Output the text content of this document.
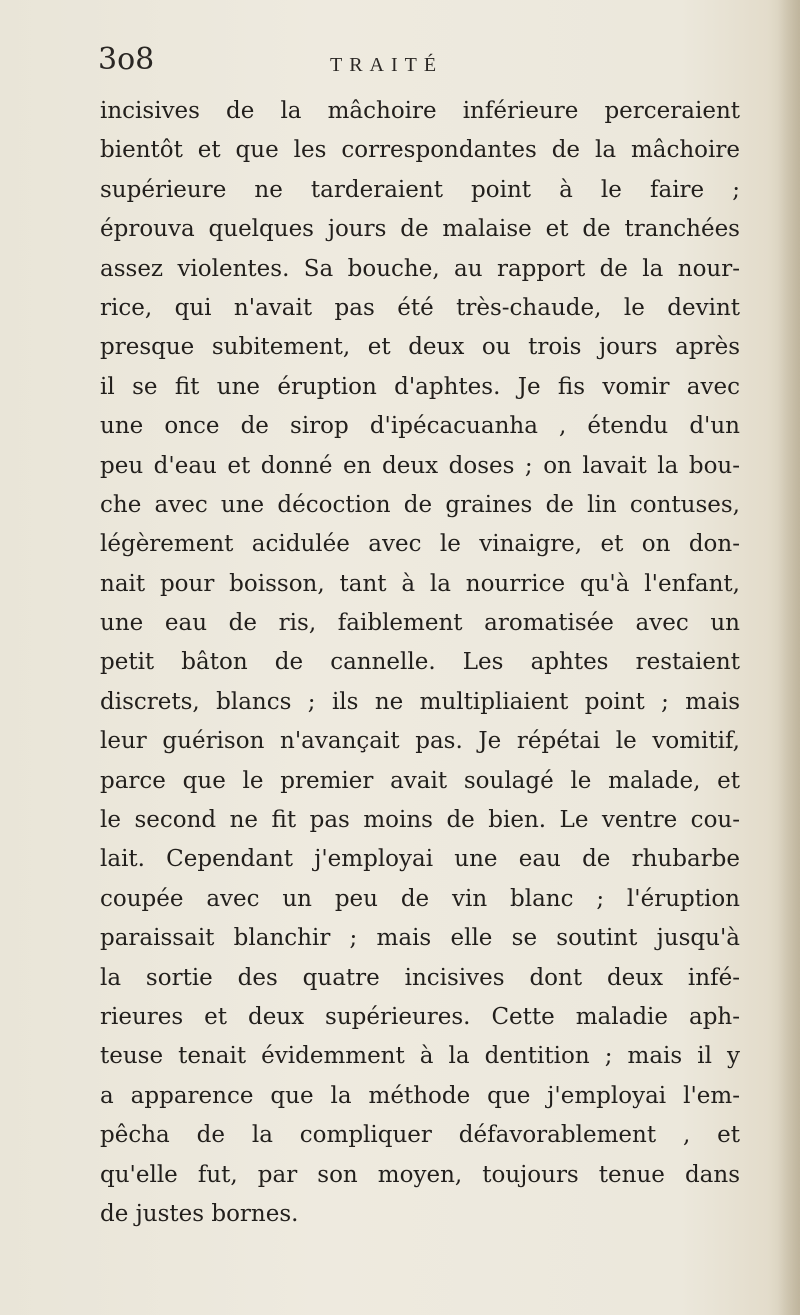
3o8	TRAITÉ
incisives de la mâchoire inférieure perceraient
bientôt et que les correspondantes de la mâchoire
supérieure ne tarderaient point à le faire ;
éprouva quelques jours de malaise et de tranchées
assez violentes. Sa bouche, au rapport de la nour-
rice, qui n'avait pas été très-chaude, le devint
presque subitement, et deux ou trois jours après
il se fit une éruption d'aphtes. Je fis vomir avec
une once de sirop d'ipécacuanha , étendu d'un
peu d'eau et donné en deux doses ; on lavait la bou-
che avec une décoction de graines de lin contuses,
légèrement acidulée avec le vinaigre, et on don-
nait pour boisson, tant à la nourrice qu'à l'enfant,
une eau de ris, faiblement aromatisée avec un
petit bâton de cannelle. Les aphtes restaient
discrets, blancs ; ils ne multipliaient point ; mais
leur guérison n'avançait pas. Je répétai le vomitif,
parce que le premier avait soulagé le malade, et
le second ne fit pas moins de bien. Le ventre cou-
lait. Cependant j'employai une eau de rhubarbe
coupée avec un peu de vin blanc ; l'éruption
paraissait blanchir ; mais elle se soutint jusqu'à
la sortie des quatre incisives dont deux infé-
rieures et deux supérieures. Cette maladie aph-
teuse tenait évidemment à la dentition ; mais il y
a apparence que la méthode que j'employai l'em-
pêcha de la compliquer défavorablement , et
qu'elle fut, par son moyen, toujours tenue dans
de justes bornes.
